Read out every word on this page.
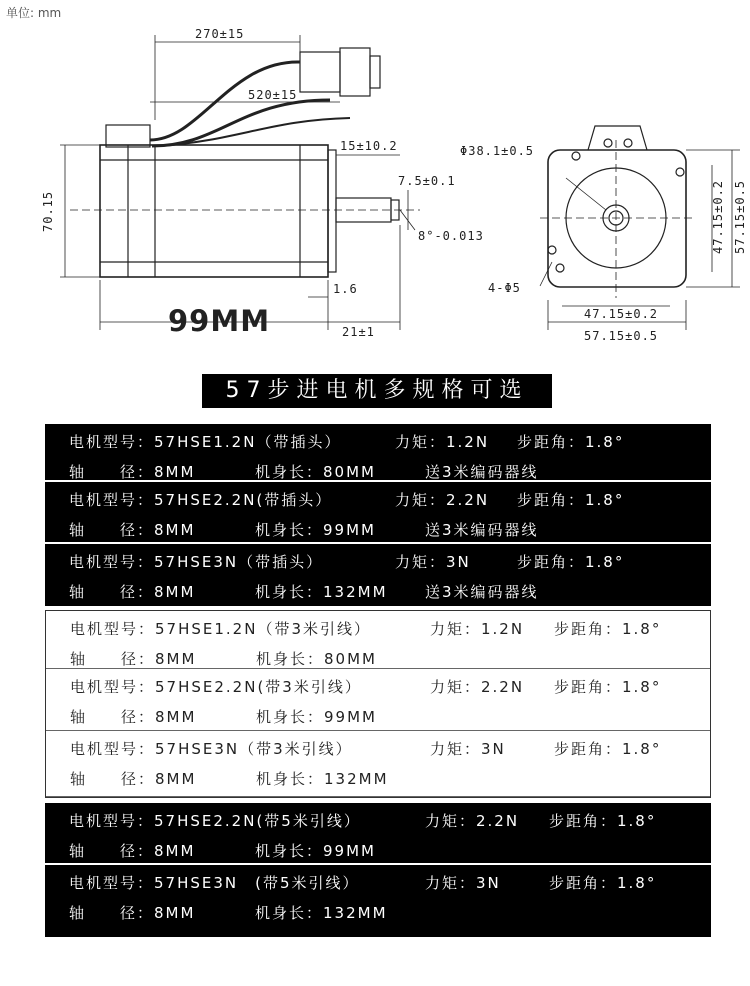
单位: mm
270±15
520±15
70.15
15±10.2
7.5±0.1
8°-0.013
1.6
21±1
Φ38.1±0.5
4-Φ5
47.15±0.2
57.15±0.5
47.15±0.2 57.15±0.5
99MM
57步进电机多规格可选
电机型号：57HSE1.2N（带插头）	力矩：1.2N 步距角：1.8°
轴　　径：8MM	机身长：80MM	送3米编码器线
电机型号：57HSE2.2N(带插头）	力矩：2.2N 步距角：1.8°
轴　　径：8MM	机身长：99MM	送3米编码器线
电机型号：57HSE3N（带插头）	力矩：3N	步距角：1.8°
轴　　径：8MM	机身长：132MM 送3米编码器线
电机型号：57HSE1.2N（带3米引线）	力矩：1.2N 步距角：1.8°
轴　　径：8MM	机身长：80MM
电机型号：57HSE2.2N(带3米引线）	力矩：2.2N 步距角：1.8°
轴　　径：8MM	机身长：99MM
电机型号：57HSE3N（带3米引线）	力矩：3N	步距角：1.8°
轴　　径：8MM	机身长：132MM
电机型号：57HSE2.2N(带5米引线）	力矩：2.2N 步距角：1.8°
轴　　径：8MM	机身长：99MM
电机型号：57HSE3N　(带5米引线）	力矩：3N	步距角：1.8°
轴　　径：8MM	机身长：132MM
